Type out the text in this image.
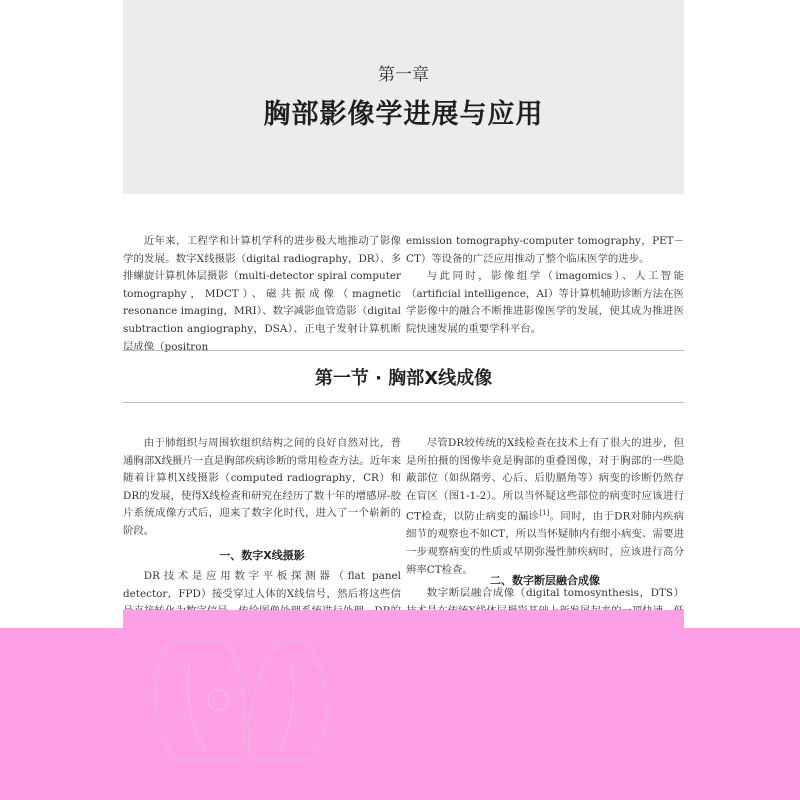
第一章
胸部影像学进展与应用

近年来，工程学和计算机学科的进步极大地推动了影像学的发展。数字X线摄影（digital radiography，DR）、多排螺旋计算机体层摄影（multi-detector spiral computer tomography，MDCT）、磁共振成像（magnetic resonance imaging，MRI）、数字减影血管造影（digital subtraction angiography，DSA）、正电子发射计算机断层成像（positron

emission tomography-computer tomography，PET－CT）等设备的广泛应用推动了整个临床医学的进步。

与此同时，影像组学（imagomics）、人工智能（artificial intelligence，AI）等计算机辅助诊断方法在医学影像中的融合不断推进影像医学的发展，使其成为推进医院快速发展的重要学科平台。

第一节 · 胸部X线成像

由于肺组织与周围软组织结构之间的良好自然对比，普通胸部X线摄片一直是胸部疾病诊断的常用检查方法。近年来随着计算机X线摄影（computed radiography，CR）和DR的发展，使得X线检查和研究在经历了数十年的增感屏-胶片系统成像方式后，迎来了数字化时代，进入了一个崭新的阶段。

一、数字X线摄影

DR技术是应用数字平板探测器（flat panel detector，FPD）接受穿过人体的X线信号，然后将这些信

尽管DR较传统的X线检查在技术上有了很大的进步，但是所拍摄的图像毕竟是胸部的重叠图像，对于胸部的一些隐蔽部位（如纵隔旁、心后、后肋膈角等）病变的诊断仍然存在盲区（图1-1-2）。所以当怀疑这些部位的病变时应该进行CT检查，以防止病变的漏诊[1]。同时，由于DR对肺内疾病细节的观察也不如CT，所以当怀疑肺内有细小病变、需要进一步观察病变的性质或早期弥漫性肺疾病时，应该进行高分辨率CT检查。

二、数字断层融合成像

数字断层融合成像（digital tomosynthesis，DTS）
